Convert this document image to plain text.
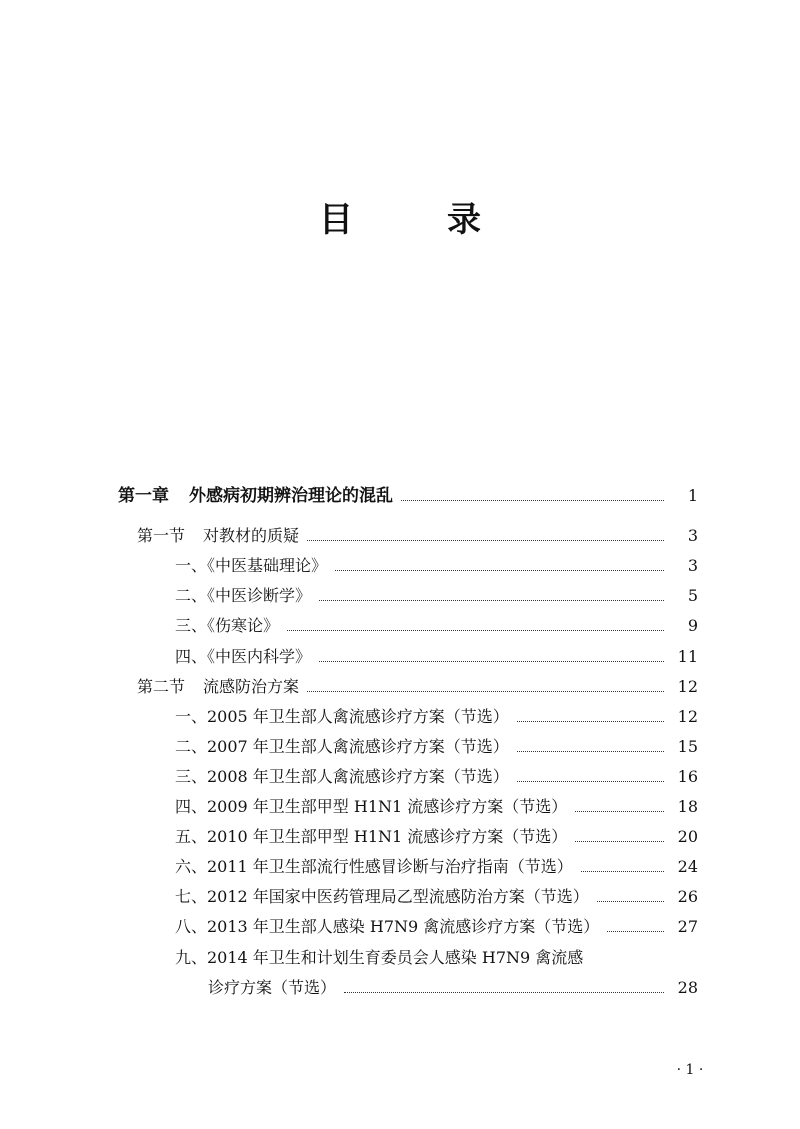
目　录
第一章 外感病初期辨治理论的混乱	1
第一节 对教材的质疑	3
一、《中医基础理论》	3
二、《中医诊断学》	5
三、《伤寒论》	9
四、《中医内科学》	11
第二节 流感防治方案	12
一、2005 年卫生部人禽流感诊疗方案（节选）	12
二、2007 年卫生部人禽流感诊疗方案（节选）	15
三、2008 年卫生部人禽流感诊疗方案（节选）	16
四、2009 年卫生部甲型 H1N1 流感诊疗方案（节选）	18
五、2010 年卫生部甲型 H1N1 流感诊疗方案（节选）	20
六、2011 年卫生部流行性感冒诊断与治疗指南（节选）	24
七、2012 年国家中医药管理局乙型流感防治方案（节选）	26
八、2013 年卫生部人感染 H7N9 禽流感诊疗方案（节选）	27
九、2014 年卫生和计划生育委员会人感染 H7N9 禽流感
诊疗方案（节选）	28
· 1 ·
